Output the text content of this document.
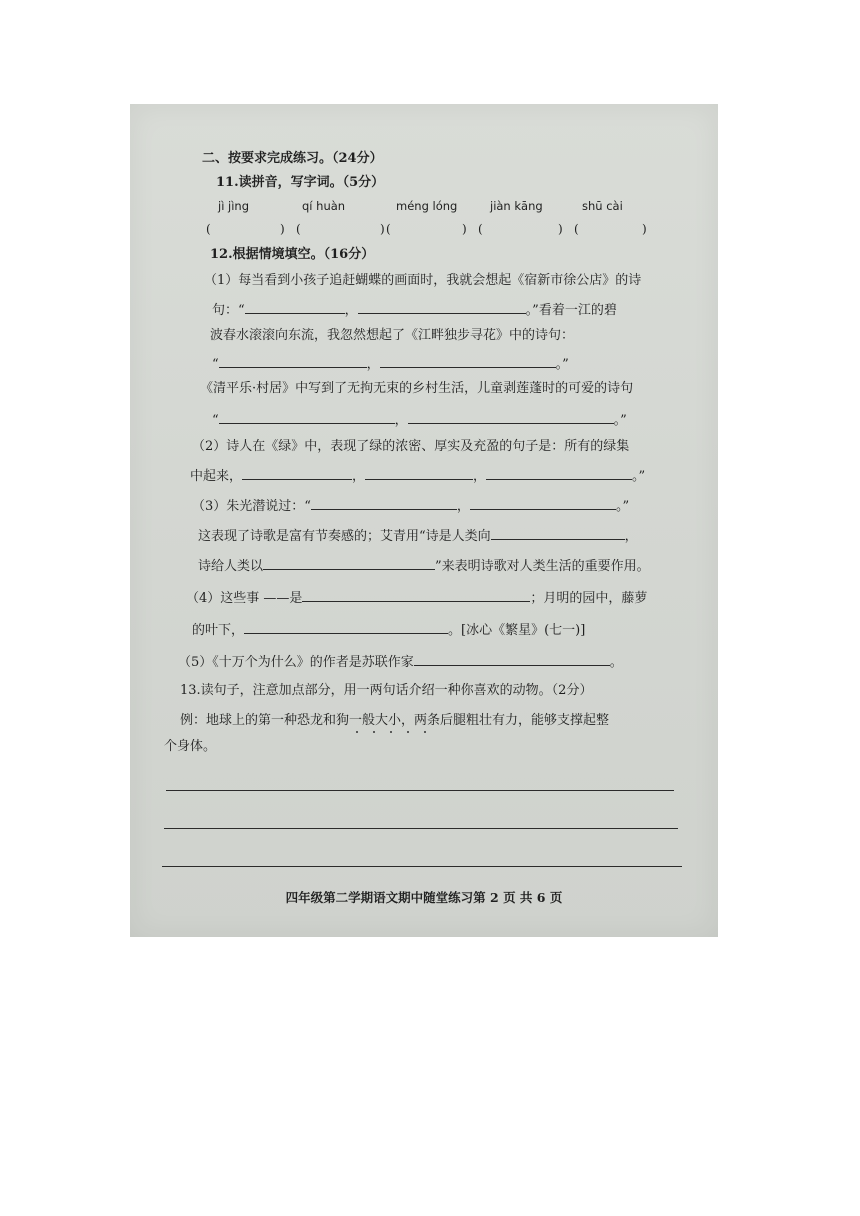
二、按要求完成练习。（24分）
11.读拼音，写字词。（5分）
jì jìng	qí huàn	méng lóng	jiàn kāng	shū cài
(	) (	) (	) (	) (	)
12.根据情境填空。（16分）
（1）每当看到小孩子追赶蝴蝶的画面时，我就会想起《宿新市徐公店》的诗
句：“	，	。”看着一江的碧
波春水滚滚向东流，我忽然想起了《江畔独步寻花》中的诗句：
“	，	。”
《清平乐·村居》中写到了无拘无束的乡村生活，儿童剥莲蓬时的可爱的诗句
“	，	。”
（2）诗人在《绿》中，表现了绿的浓密、厚实及充盈的句子是：所有的绿集
中起来，	，	，	。”
（3）朱光潜说过：“	，	。”
这表现了诗歌是富有节奏感的；艾青用“诗是人类向	，
诗给人类以	”来表明诗歌对人类生活的重要作用。
（4）这些事 ——是	；月明的园中，藤萝
的叶下，	。[冰心《繁星》(七一)]
（5）《十万个为什么》的作者是苏联作家	。
13.读句子，注意加点部分，用一两句话介绍一种你喜欢的动物。（2分）
例：地球上的第一种恐龙和狗一般大小，两条后腿粗壮有力，能够支撑起整
个身体。
四年级第二学期语文期中随堂练习第 2 页 共 6 页
